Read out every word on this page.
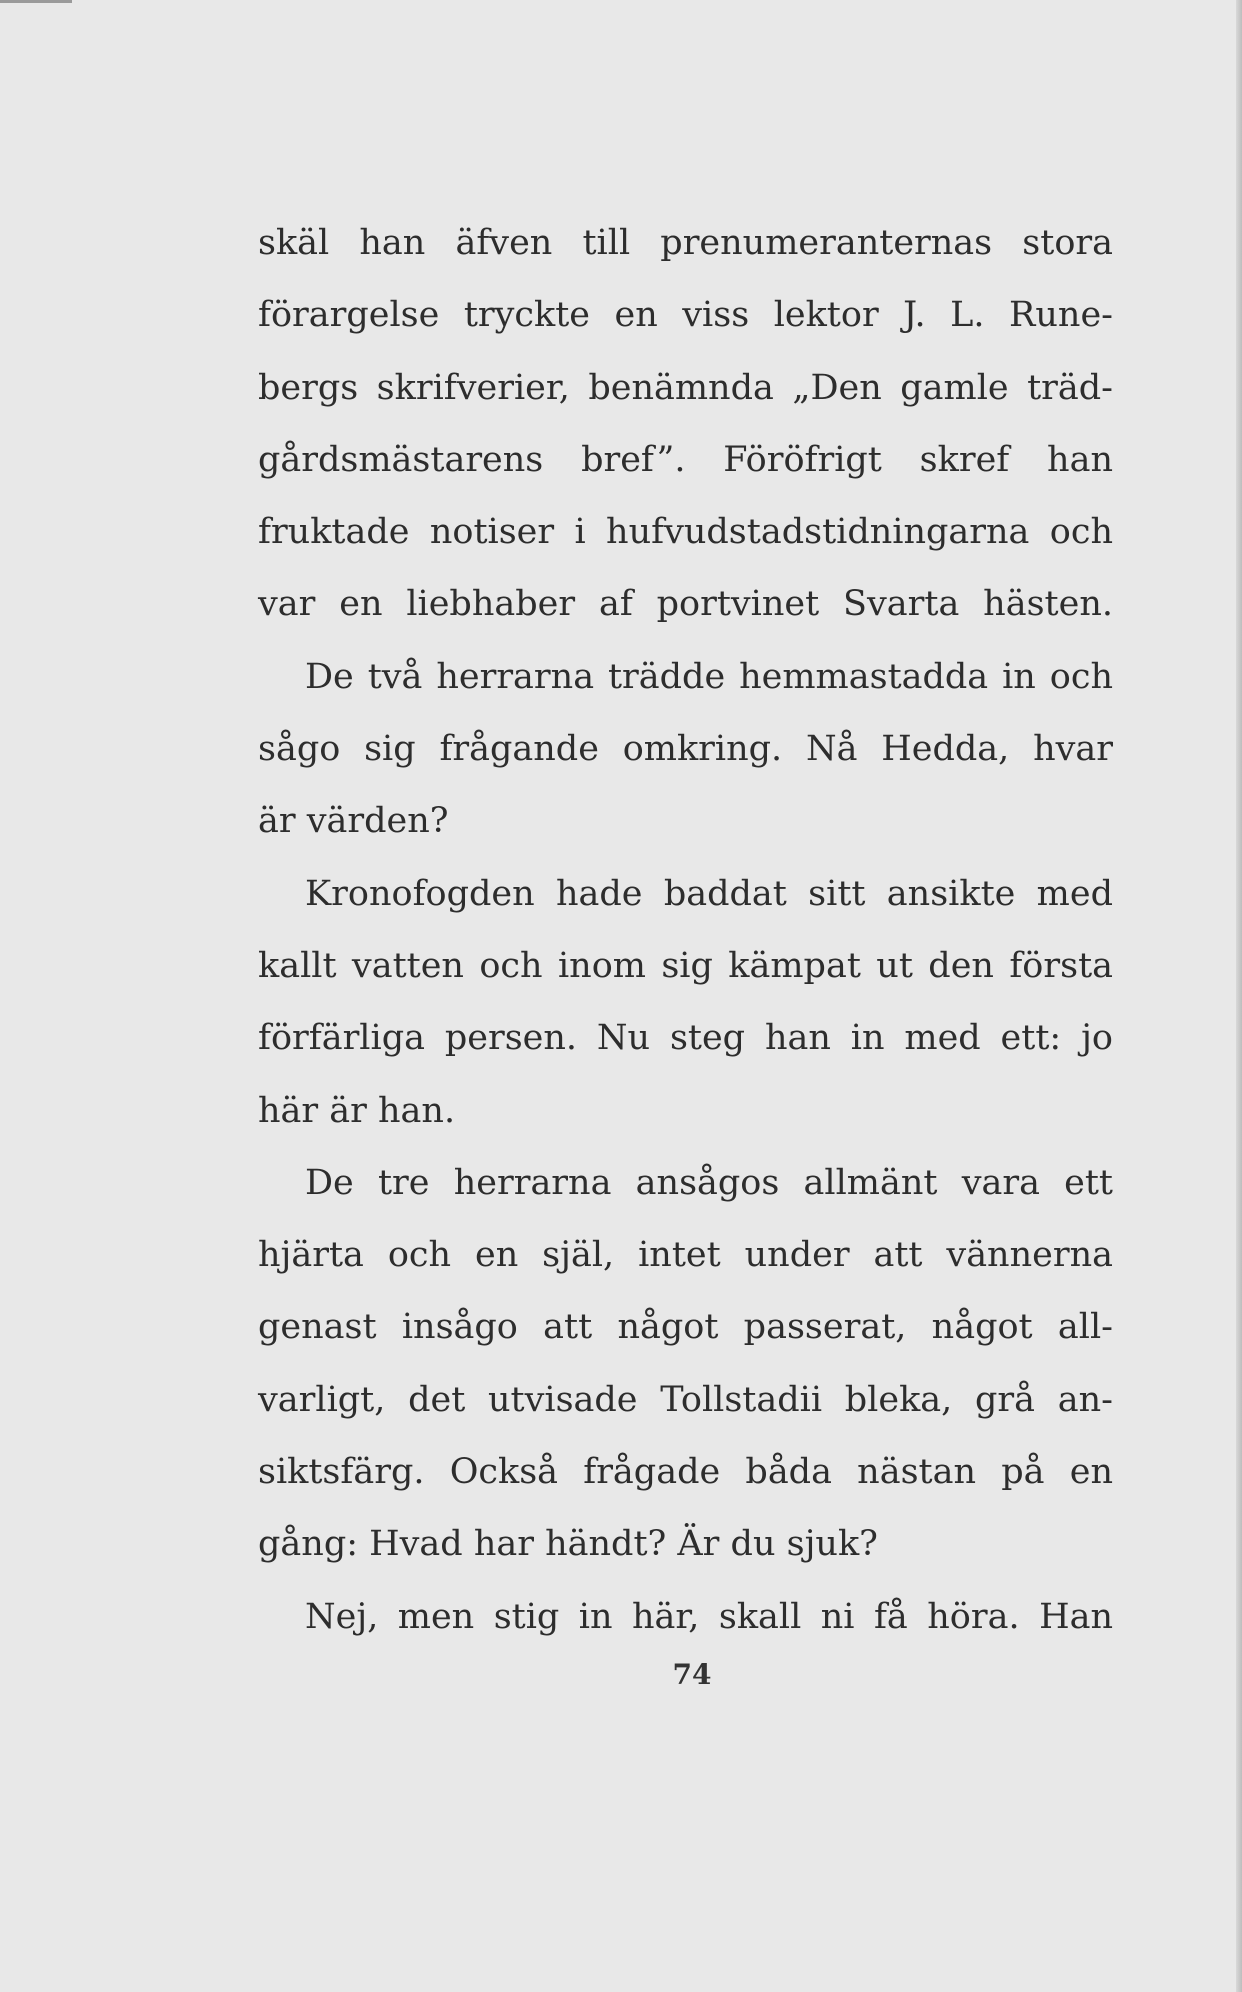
skäl han äfven till prenumeranternas stora
förargelse tryckte en viss lektor J. L. Rune-
bergs skrifverier, benämnda „Den gamle träd-
gårdsmästarens bref”. Föröfrigt skref han
fruktade notiser i hufvudstadstidningarna och
var en liebhaber af portvinet Svarta hästen.
De två herrarna trädde hemmastadda in och
sågo sig frågande omkring. Nå Hedda, hvar
är värden?
Kronofogden hade baddat sitt ansikte med
kallt vatten och inom sig kämpat ut den första
förfärliga persen. Nu steg han in med ett: jo
här är han.
De tre herrarna ansågos allmänt vara ett
hjärta och en själ, intet under att vännerna
genast insågo att något passerat, något all-
varligt, det utvisade Tollstadii bleka, grå an-
siktsfärg. Också frågade båda nästan på en
gång: Hvad har händt? Är du sjuk?
Nej, men stig in här, skall ni få höra. Han
74
